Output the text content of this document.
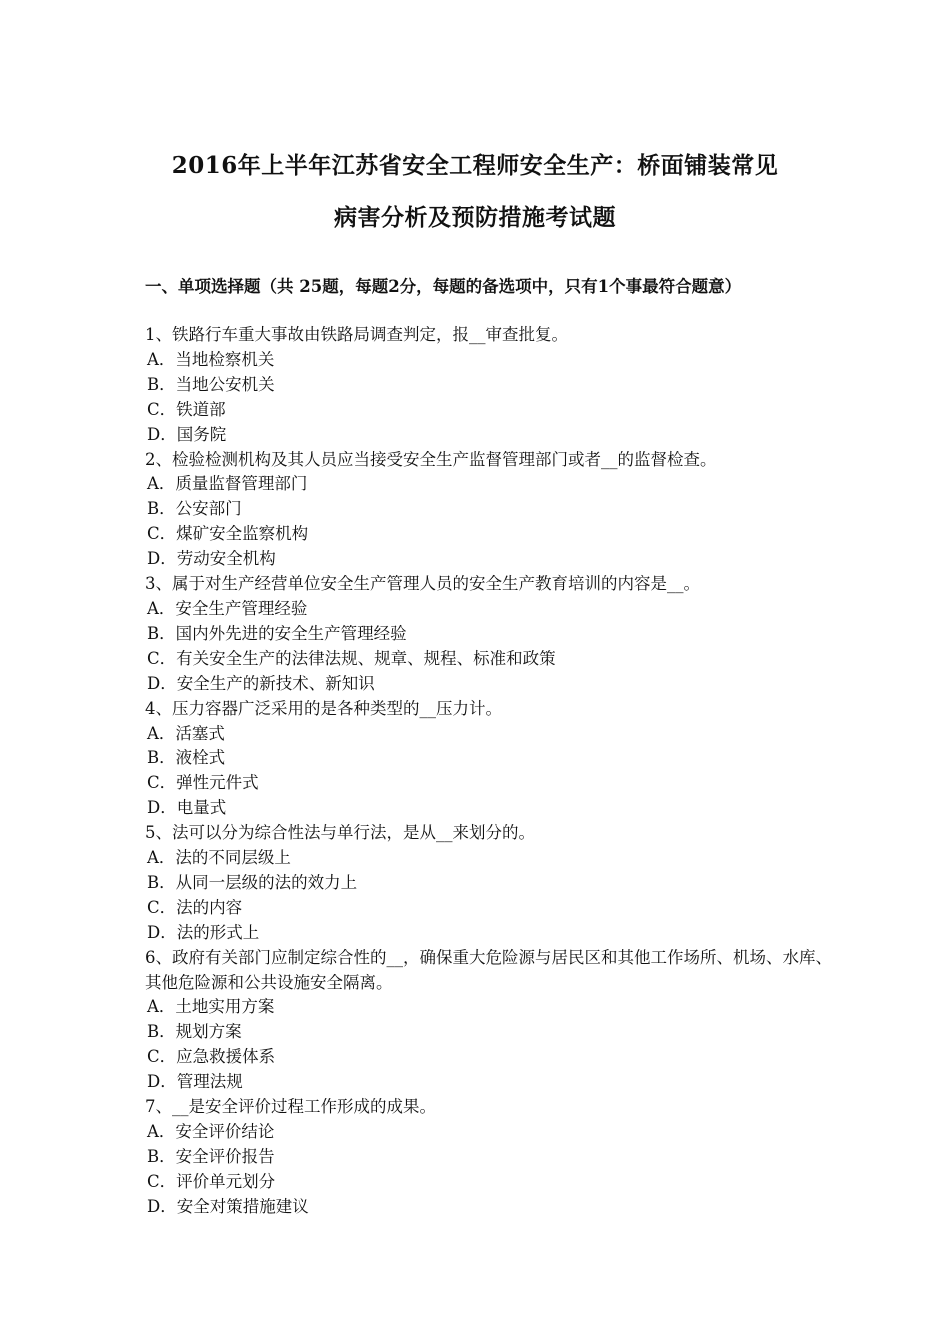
2016年上半年江苏省安全工程师安全生产：桥面铺装常见
病害分析及预防措施考试题
一、单项选择题（共 25题，每题2分，每题的备选项中，只有1个事最符合题意）
1、铁路行车重大事故由铁路局调查判定，报__审查批复。
A．当地检察机关
B．当地公安机关
C．铁道部
D．国务院
2、检验检测机构及其人员应当接受安全生产监督管理部门或者__的监督检查。
A．质量监督管理部门
B．公安部门
C．煤矿安全监察机构
D．劳动安全机构
3、属于对生产经营单位安全生产管理人员的安全生产教育培训的内容是__。
A．安全生产管理经验
B．国内外先进的安全生产管理经验
C．有关安全生产的法律法规、规章、规程、标准和政策
D．安全生产的新技术、新知识
4、压力容器广泛采用的是各种类型的__压力计。
A．活塞式
B．液栓式
C．弹性元件式
D．电量式
5、法可以分为综合性法与单行法，是从__来划分的。
A．法的不同层级上
B．从同一层级的法的效力上
C．法的内容
D．法的形式上
6、政府有关部门应制定综合性的__，确保重大危险源与居民区和其他工作场所、机场、水库、其他危险源和公共设施安全隔离。
A．土地实用方案
B．规划方案
C．应急救援体系
D．管理法规
7、__是安全评价过程工作形成的成果。
A．安全评价结论
B．安全评价报告
C．评价单元划分
D．安全对策措施建议
